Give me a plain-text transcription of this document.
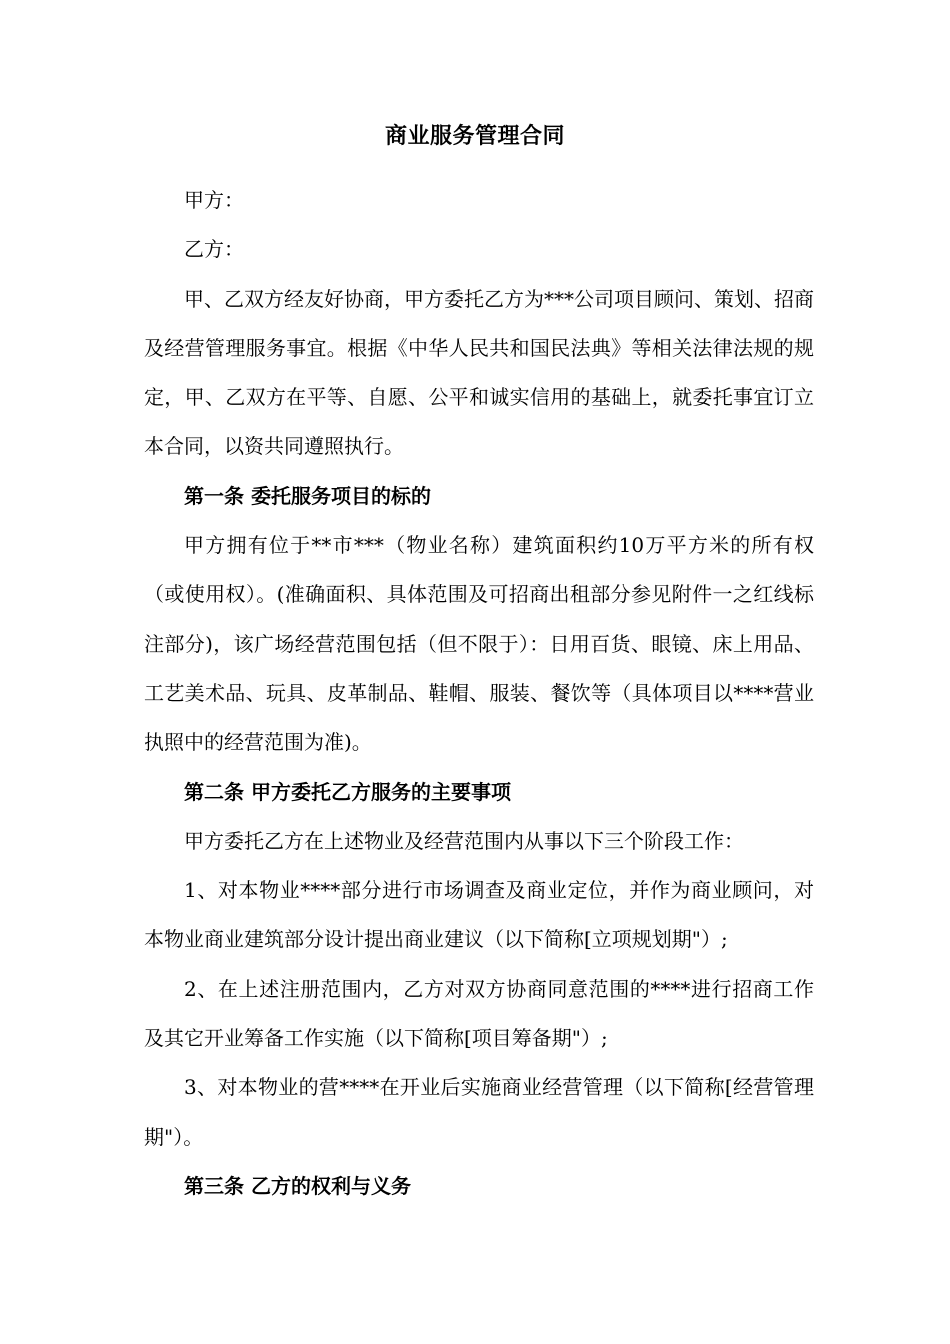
商业服务管理合同

甲方：

乙方：

甲、乙双方经友好协商，甲方委托乙方为***公司项目顾问、策划、招商及经营管理服务事宜。根据《中华人民共和国民法典》等相关法律法规的规定，甲、乙双方在平等、自愿、公平和诚实信用的基础上，就委托事宜订立本合同，以资共同遵照执行。

第一条 委托服务项目的标的

甲方拥有位于**市***（物业名称）建筑面积约10万平方米的所有权（或使用权）。(准确面积、具体范围及可招商出租部分参见附件一之红线标注部分)，该广场经营范围包括（但不限于）：日用百货、眼镜、床上用品、工艺美术品、玩具、皮革制品、鞋帽、服装、餐饮等（具体项目以****营业执照中的经营范围为准)。

第二条 甲方委托乙方服务的主要事项

甲方委托乙方在上述物业及经营范围内从事以下三个阶段工作：

1、对本物业****部分进行市场调查及商业定位，并作为商业顾问，对本物业商业建筑部分设计提出商业建议（以下简称[立项规划期"）;

2、在上述注册范围内，乙方对双方协商同意范围的****进行招商工作及其它开业筹备工作实施（以下简称[项目筹备期"）;

3、对本物业的营****在开业后实施商业经营管理（以下简称[经营管理期"）。

第三条 乙方的权利与义务
